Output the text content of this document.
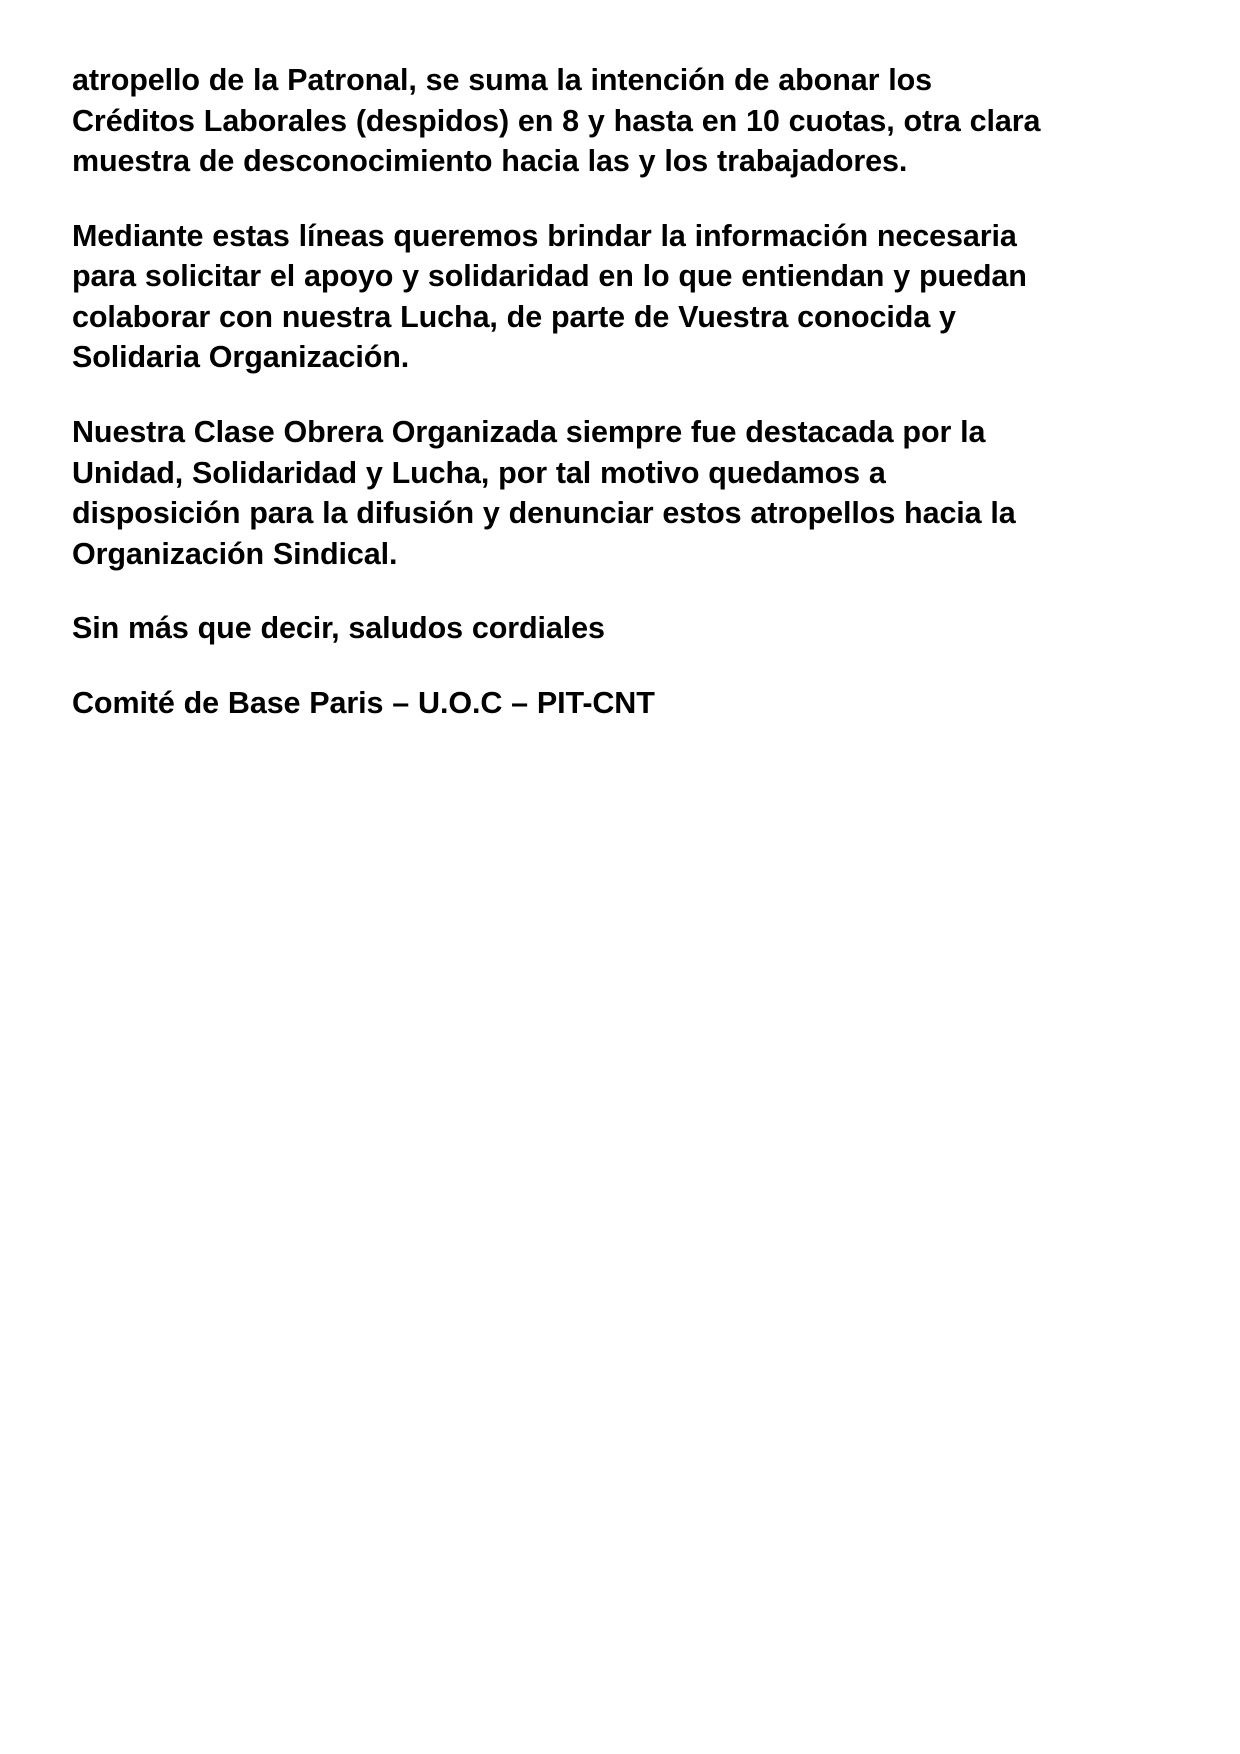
atropello de la Patronal, se suma la intención de abonar los Créditos Laborales (despidos) en 8 y hasta en 10 cuotas, otra clara muestra de desconocimiento hacia las y los trabajadores.

Mediante estas líneas queremos brindar la información necesaria para solicitar el apoyo y solidaridad en lo que entiendan y puedan colaborar con nuestra Lucha, de parte de Vuestra conocida y Solidaria Organización.

Nuestra Clase Obrera Organizada siempre fue destacada por la Unidad, Solidaridad y Lucha, por tal motivo quedamos a disposición para la difusión y denunciar estos atropellos hacia la Organización Sindical.

Sin más que decir, saludos cordiales

Comité de Base Paris – U.O.C – PIT-CNT
